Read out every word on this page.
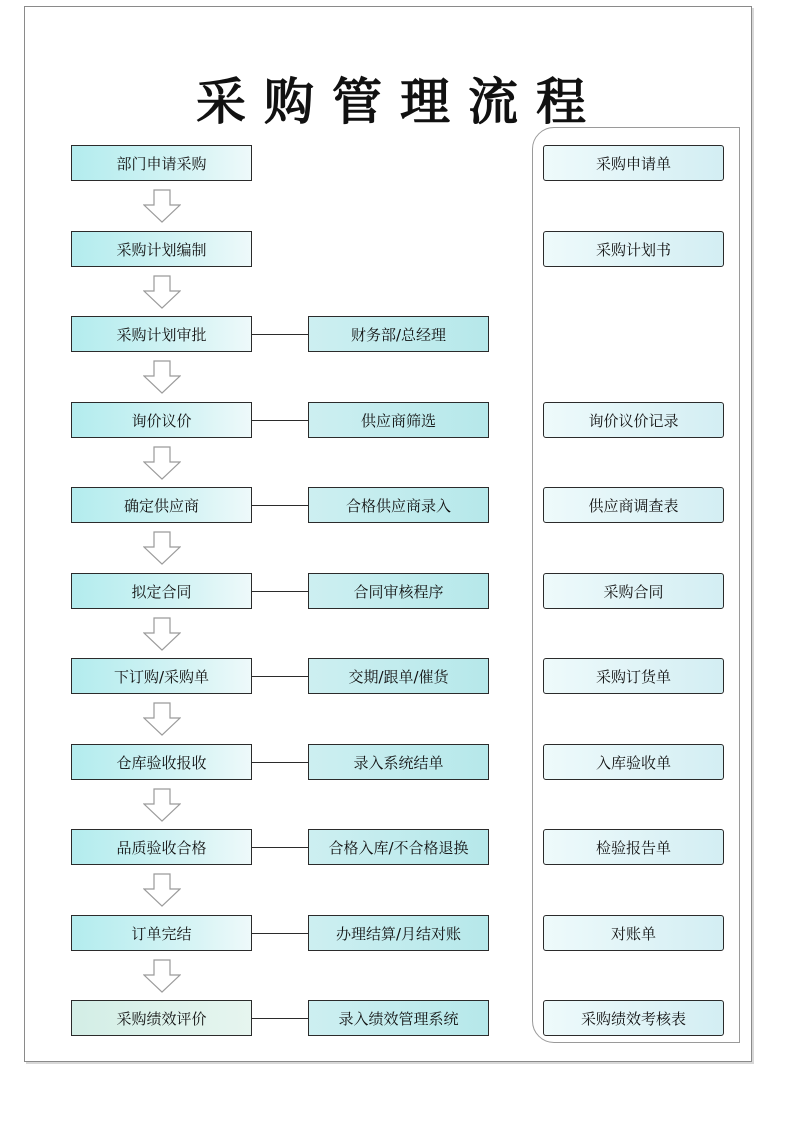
采购管理流程
部门申请采购	采购申请单
采购计划编制	采购计划书
采购计划审批	财务部/总经理
询价议价	供应商筛选	询价议价记录
确定供应商	合格供应商录入	供应商调查表
拟定合同	合同审核程序	采购合同
下订购/采购单	交期/跟单/催货	采购订货单
仓库验收报收	录入系统结单	入库验收单
品质验收合格	合格入库/不合格退换	检验报告单
订单完结	办理结算/月结对账	对账单
采购绩效评价	录入绩效管理系统	采购绩效考核表
